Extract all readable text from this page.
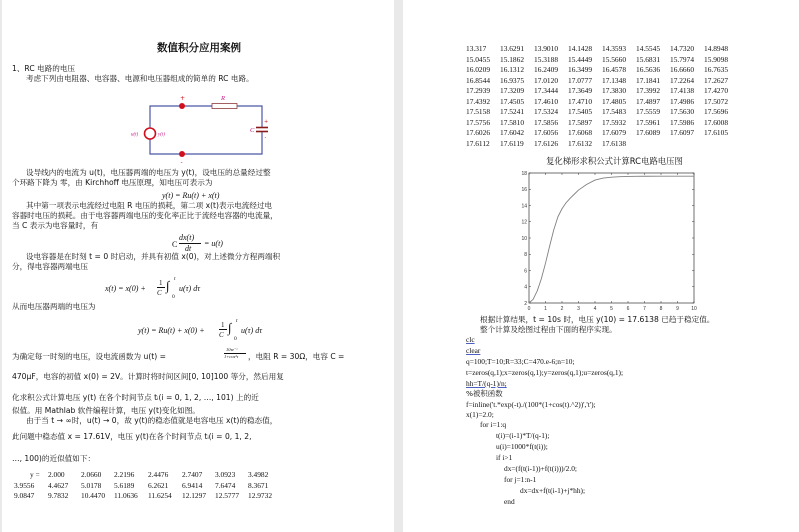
数值积分应用案例
1、RC 电路的电压
考虑下列由电阻器、电容器、电源和电压器组成的简单的 RC 电路。
u(t)	y(t)
R
C
+
-
+
-
设导线内的电流为 u(t)，电压器两端的电压为 y(t)，设电压的总量经过整
个环路下降为 零，由 Kirchhoff 电压原理，知电压可表示为
y(t) = Ru(t) + x(t)
其中第一项表示电流经过电阻 R 电压的损耗，第二项 x(t)表示电流经过电
容器时电压的损耗。由于电容器两端电压的变化率正比于流经电容器的电流量，
当 C 表示为电容量时，有
C
dx(t)
dt
= u(t)
设电容器是在时刻 t = 0 时启动，并具有初值 x(0)，对上述微分方程两端积
分，得电容器两端电压
x(t) = x(0) +
1
C ∫ t
0
u(τ) dτ
从而电压器两端的电压为
y(t) = Ru(t) + x(0) +
1
C ∫ t
0
u(τ) dτ
为确定每一时刻的电压，设电流函数为 u(t) =
10τe⁻ᵗ
1+cos²τ ，电阻 R = 30Ω，电容 C =
470μF，电容的初值 x(0) = 2V。计算时将时间区间[0, 10]100 等分，然后用复
化求积公式计算电压 y(t) 在各个时间节点 tᵢ(i = 0, 1, 2, …, 101) 上的近
似值。用 Mathlab 软件编程计算，电压 y(t)变化如图。
由于当 t → ∞时，u(t) → 0，故 y(t)的稳态值就是电容电压 x(t)的稳态值，
此问题中稳态值 x = 17.61V，电压 y(t)在各个时间节点 tᵢ(i = 0, 1, 2,
…, 100)的近似值如下：
y = 2.000 2.0660 2.2196 2.4476 2.7407 3.0923 3.4982
3.9556 4.4627 5.0178 5.6189 6.2621 6.9414 7.6474 8.3671
9.0847 9.7832 10.4470 11.0636 11.6254 12.1297 12.5777 12.9732
13.317 13.6291 13.9010 14.1428 14.3593 14.5545 14.7320 14.8948
15.0455 15.1862 15.3188 15.4449 15.5660 15.6831 15.7974 15.9098
16.0209 16.1312 16.2409 16.3499 16.4578 16.5636 16.6660 16.7635
16.8544 16.9375 17.0120 17.0777 17.1348 17.1841 17.2264 17.2627
17.2939 17.3209 17.3444 17.3649 17.3830 17.3992 17.4138 17.4270
17.4392 17.4505 17.4610 17.4710 17.4805 17.4897 17.4986 17.5072
17.5158 17.5241 17.5324 17.5405 17.5483 17.5559 17.5630 17.5696
17.5756 17.5810 17.5856 17.5897 17.5932 17.5961 17.5986 17.6008
17.6026 17.6042 17.6056 17.6068 17.6079 17.6089 17.6097 17.6105
17.6112 17.6119 17.6126 17.6132 17.6138
复化梯形求积公式计算RC电路电压图
0	1	2	3	4	5	6	7	8	9 10
2
4
6
8
10
12
14
16
18
根据计算结果，t = 10s 时，电压 y(10) = 17.6138 已趋于稳定值。
整个计算及绘图过程由下面的程序实现。
clc
clear
q=100;T=10;R=33;C=470.e-6;n=10;
t=zeros(q,1);x=zeros(q,1);y=zeros(q,1);u=zeros(q,1);
hh=T/(q-1)/n;
%被积函数
f=inline('t.*exp(-t)./(100*(1+cos(t).^2))','t');
x(1)=2.0;
for i=1:q
t(i)=(i-1)*T/(q-1);
u(i)=1000*f(t(i));
if i>1
dx=(f(t(i-1))+f(t(i)))/2.0;
for j=1:n-1
dx=dx+f(t(i-1)+j*hh);
end
